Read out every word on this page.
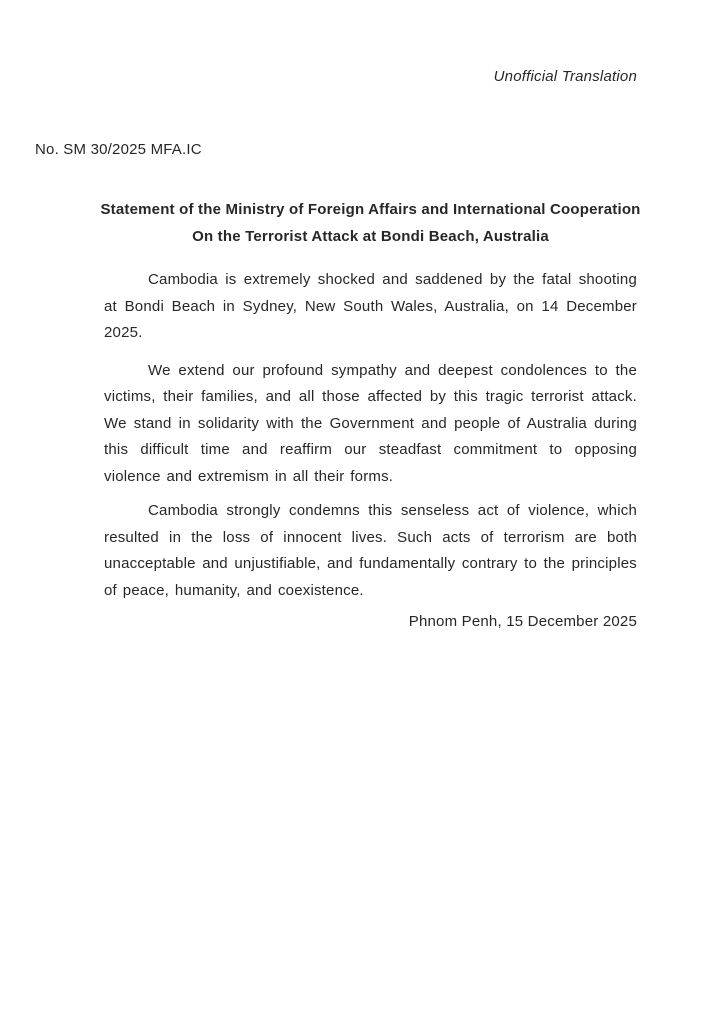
Unofficial Translation
No. SM 30/2025 MFA.IC
Statement of the Ministry of Foreign Affairs and International Cooperation
On the Terrorist Attack at Bondi Beach, Australia

Cambodia is extremely shocked and saddened by the fatal shooting at Bondi Beach in Sydney, New South Wales, Australia, on 14 December 2025.

We extend our profound sympathy and deepest condolences to the victims, their families, and all those affected by this tragic terrorist attack. We stand in solidarity with the Government and people of Australia during this difficult time and reaffirm our steadfast commitment to opposing violence and extremism in all their forms.

Cambodia strongly condemns this senseless act of violence, which resulted in the loss of innocent lives. Such acts of terrorism are both unacceptable and unjustifiable, and fundamentally contrary to the principles of peace, humanity, and coexistence.

Phnom Penh, 15 December 2025
